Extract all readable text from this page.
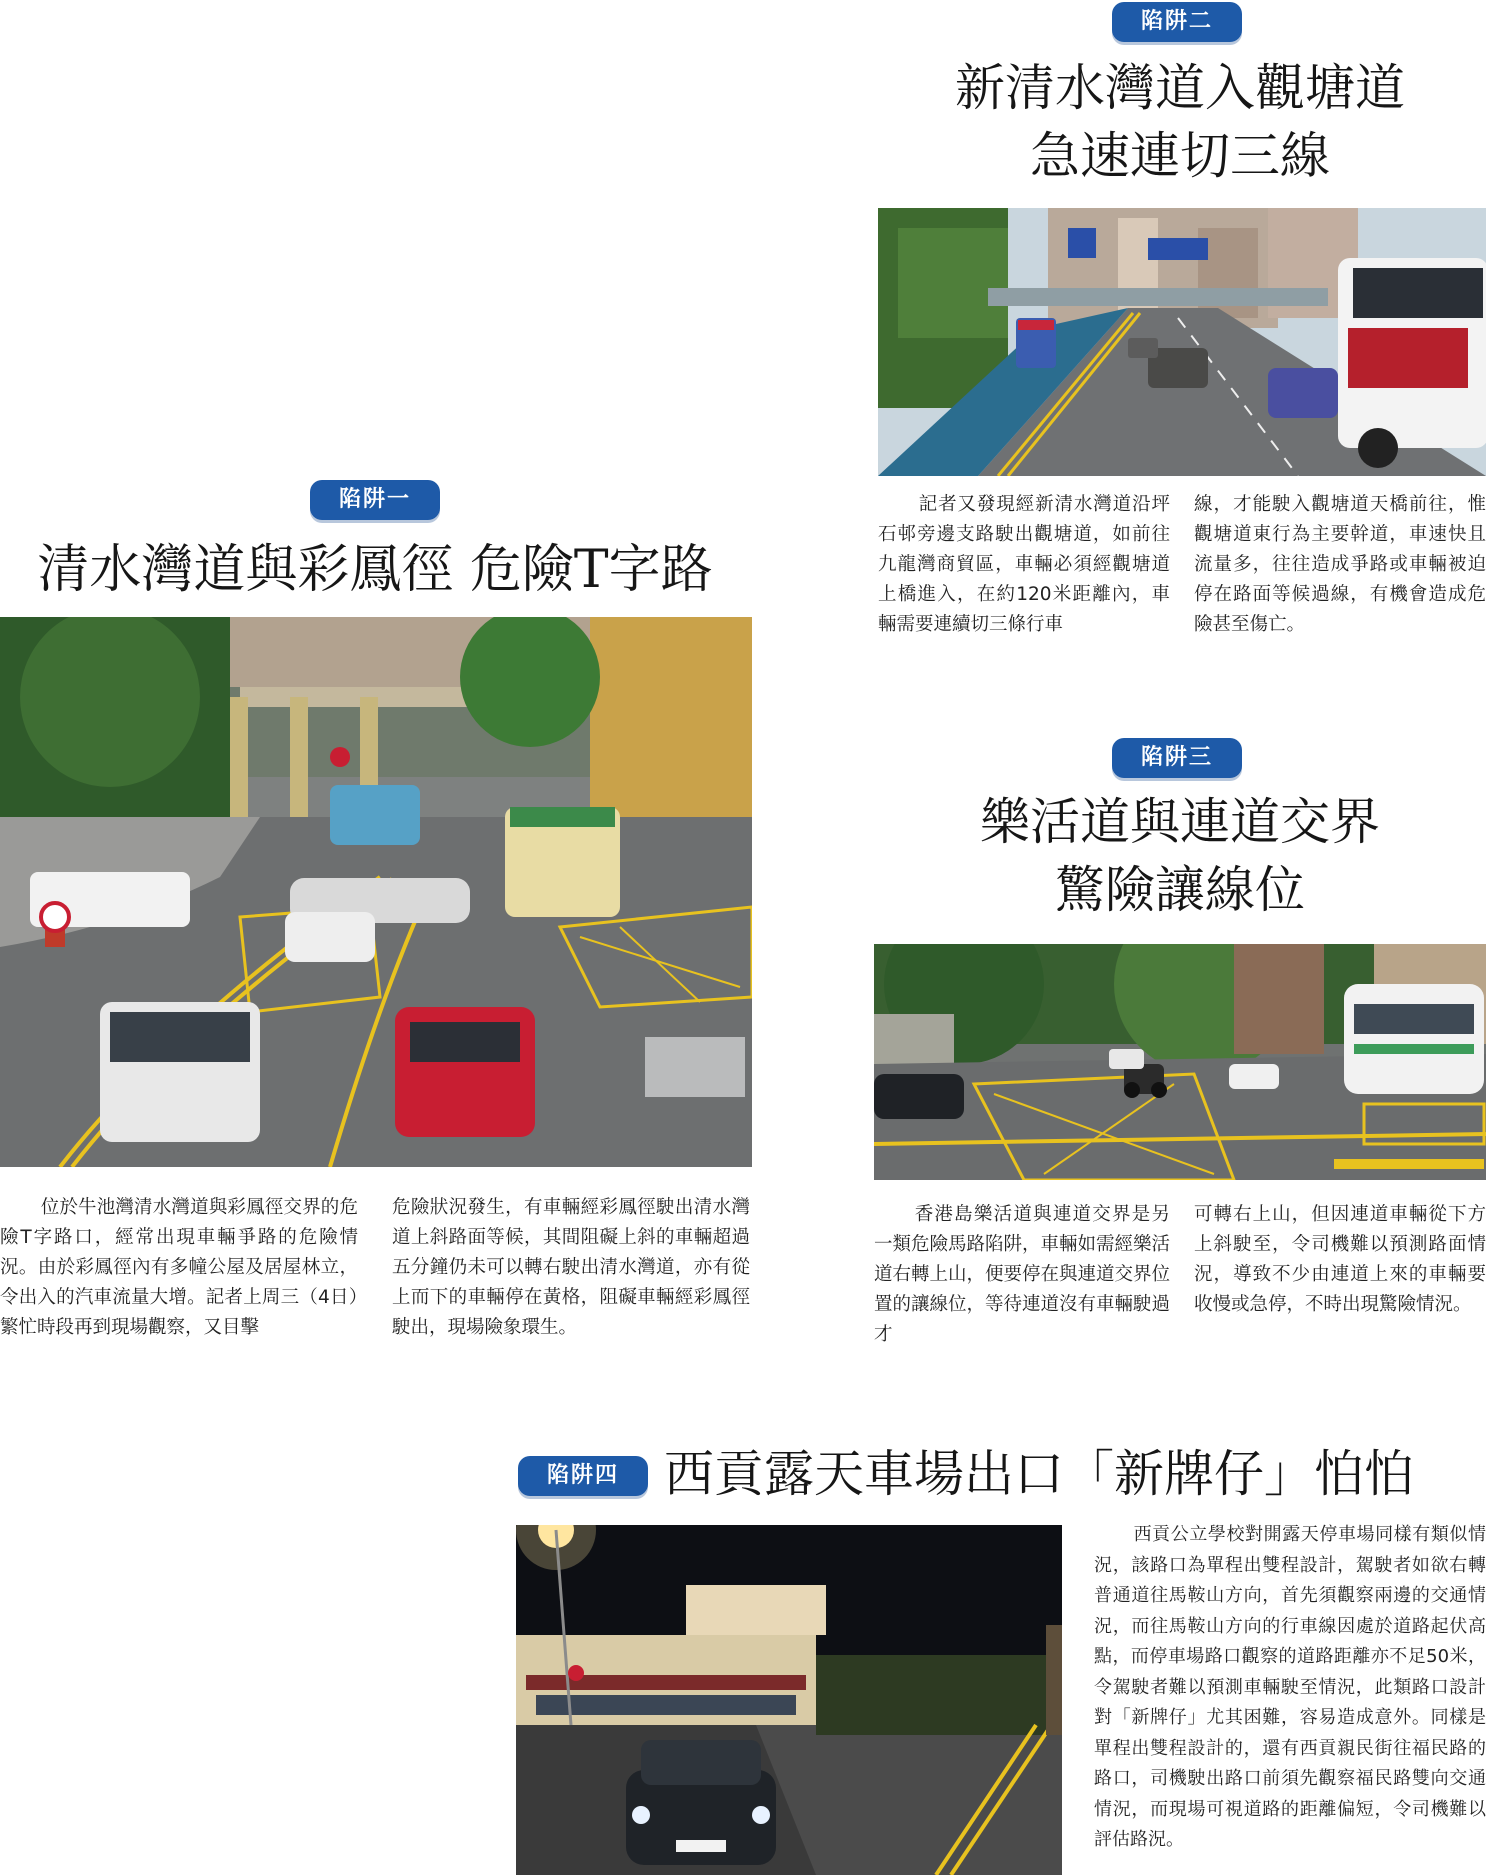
陷阱二
新清水灣道入觀塘道
急速連切三線
記者又發現經新清水灣道沿坪石邨旁邊支路駛出觀塘道，如前往九龍灣商貿區，車輛必須經觀塘道上橋進入，在約120米距離內，車輛需要連續切三條行車
線，才能駛入觀塘道天橋前往，惟觀塘道東行為主要幹道，車速快且流量多，往往造成爭路或車輛被迫停在路面等候過線，有機會造成危險甚至傷亡。
陷阱一
清水灣道與彩鳳徑 危險T字路
位於牛池灣清水灣道與彩鳳徑交界的危險T字路口，經常出現車輛爭路的危險情況。由於彩鳳徑內有多幢公屋及居屋林立，令出入的汽車流量大增。記者上周三（4日）繁忙時段再到現場觀察，又目擊
危險狀況發生，有車輛經彩鳳徑駛出清水灣道上斜路面等候，其間阻礙上斜的車輛超過五分鐘仍未可以轉右駛出清水灣道，亦有從上而下的車輛停在黃格，阻礙車輛經彩鳳徑駛出，現場險象環生。
陷阱三
樂活道與連道交界
驚險讓線位
香港島樂活道與連道交界是另一類危險馬路陷阱，車輛如需經樂活道右轉上山，便要停在與連道交界位置的讓線位，等待連道沒有車輛駛過才
可轉右上山，但因連道車輛從下方上斜駛至，令司機難以預測路面情況，導致不少由連道上來的車輛要收慢或急停，不時出現驚險情況。
陷阱四 西貢露天車場出口「新牌仔」怕怕
西貢公立學校對開露天停車場同樣有類似情況，該路口為單程出雙程設計，駕駛者如欲右轉普通道往馬鞍山方向，首先須觀察兩邊的交通情況，而往馬鞍山方向的行車線因處於道路起伏高點，而停車場路口觀察的道路距離亦不足50米，令駕駛者難以預測車輛駛至情況，此類路口設計對「新牌仔」尤其困難，容易造成意外。同樣是單程出雙程設計的，還有西貢親民街往福民路的路口，司機駛出路口前須先觀察福民路雙向交通情況，而現場可視道路的距離偏短，令司機難以評估路況。
